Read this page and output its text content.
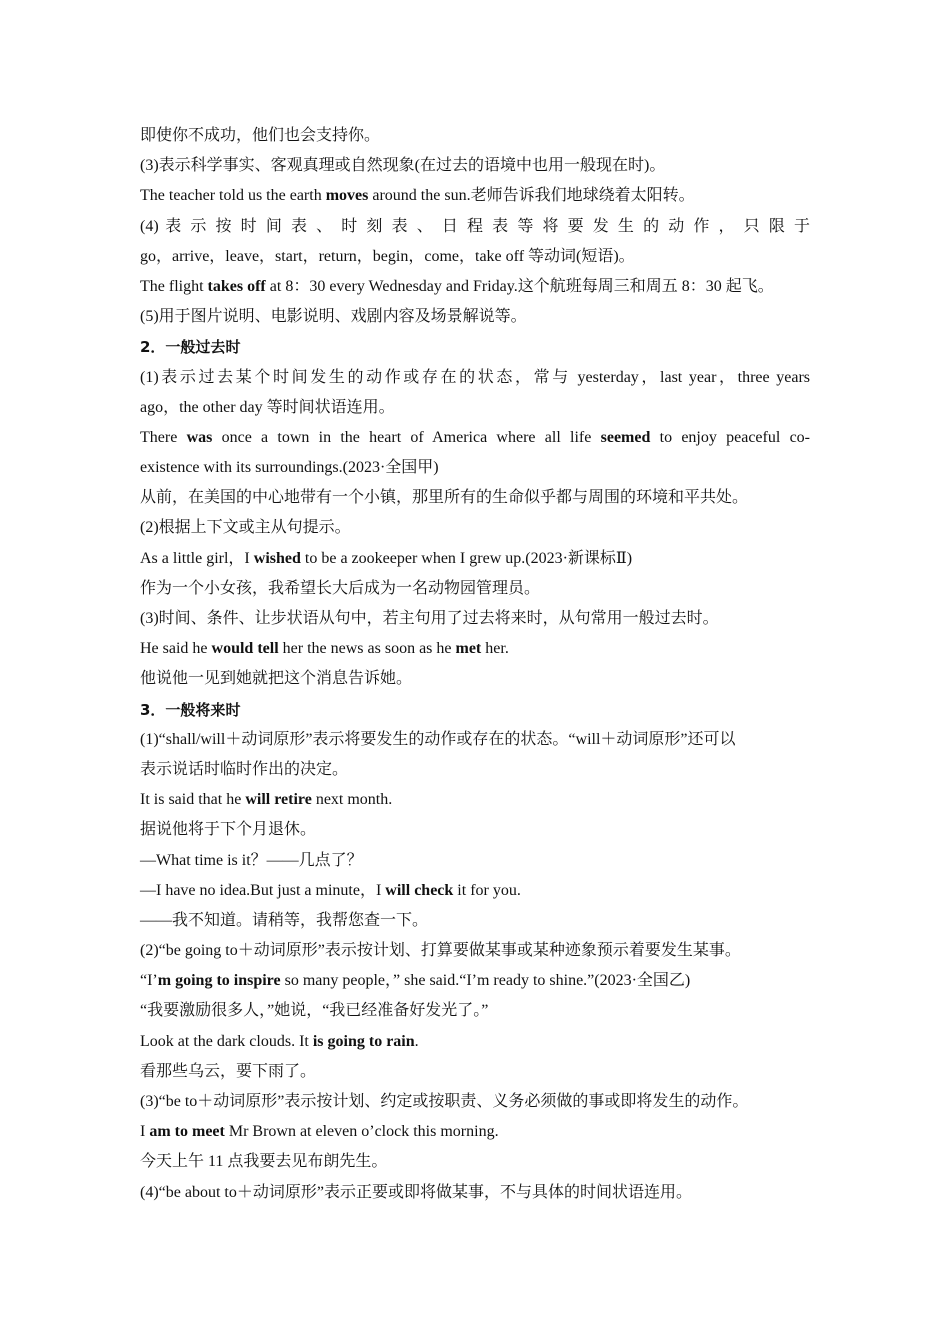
即使你不成功，他们也会支持你。
(3)表示科学事实、客观真理或自然现象(在过去的语境中也用一般现在时)。
The teacher told us the earth moves around the sun.老师告诉我们地球绕着太阳转。
(4) 表 示 按 时 间 表 、 时 刻 表 、 日 程 表 等 将 要 发 生 的 动 作 ， 只 限 于
go，arrive，leave，start，return，begin，come，take off 等动词(短语)。
The flight takes off at 8：30 every Wednesday and Friday.这个航班每周三和周五 8：30 起飞。
(5)用于图片说明、电影说明、戏剧内容及场景解说等。
2．一般过去时
(1)表示过去某个时间发生的动作或存在的状态，常与 yesterday，last year，three years
ago，the other day 等时间状语连用。
There was once a town in the heart of America where all life seemed to enjoy peaceful co-
existence with its surroundings.(2023·全国甲)
从前，在美国的中心地带有一个小镇，那里所有的生命似乎都与周围的环境和平共处。
(2)根据上下文或主从句提示。
As a little girl，I wished to be a zookeeper when I grew up.(2023·新课标Ⅱ)
作为一个小女孩，我希望长大后成为一名动物园管理员。
(3)时间、条件、让步状语从句中，若主句用了过去将来时，从句常用一般过去时。
He said he would tell her the news as soon as he met her.
他说他一见到她就把这个消息告诉她。
3．一般将来时
(1)“shall/will＋动词原形”表示将要发生的动作或存在的状态。“will＋动词原形”还可以
表示说话时临时作出的决定。
It is said that he will retire next month.
据说他将于下个月退休。
—What time is it？——几点了？
—I have no idea.But just a minute，I will check it for you.
——我不知道。请稍等，我帮您查一下。
(2)“be going to＋动词原形”表示按计划、打算要做某事或某种迹象预示着要发生某事。
“I’m going to inspire so many people，” she said.“I’m ready to shine.”(2023·全国乙)
“我要激励很多人，”她说，“我已经准备好发光了。”
Look at the dark clouds. It is going to rain.
看那些乌云，要下雨了。
(3)“be to＋动词原形”表示按计划、约定或按职责、义务必须做的事或即将发生的动作。
I am to meet Mr Brown at eleven o’clock this morning.
今天上午 11 点我要去见布朗先生。
(4)“be about to＋动词原形”表示正要或即将做某事，不与具体的时间状语连用。
